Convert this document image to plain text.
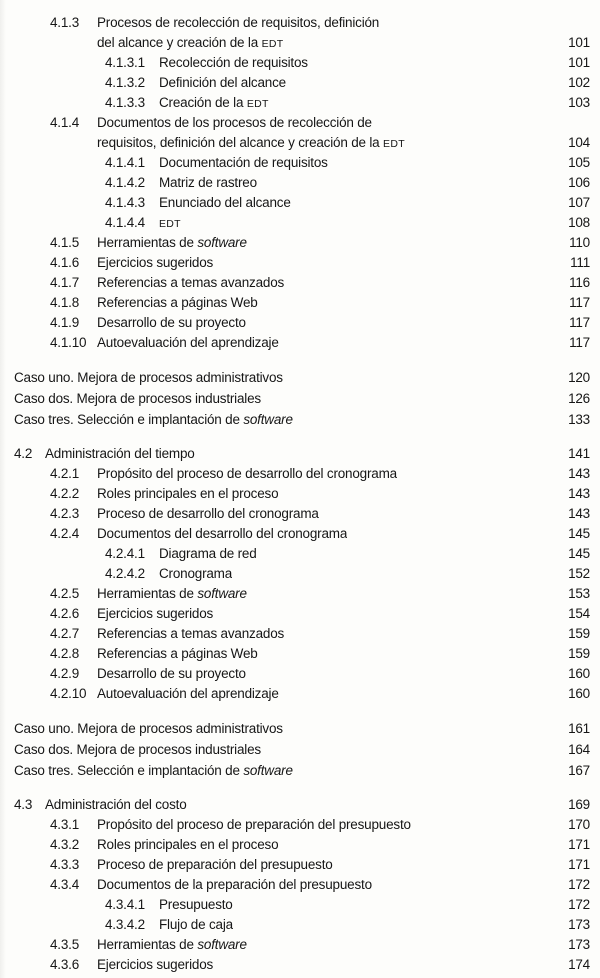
4.1.3	Procesos de recolección de requisitos, definición
del alcance y creación de la EDT	101
4.1.3.1	Recolección de requisitos	101
4.1.3.2	Definición del alcance	102
4.1.3.3	Creación de la EDT	103
4.1.4	Documentos de los procesos de recolección de
requisitos, definición del alcance y creación de la EDT	104
4.1.4.1	Documentación de requisitos	105
4.1.4.2	Matriz de rastreo	106
4.1.4.3	Enunciado del alcance	107
4.1.4.4	EDT	108
4.1.5	Herramientas de software	110
4.1.6	Ejercicios sugeridos	111
4.1.7	Referencias a temas avanzados	116
4.1.8	Referencias a páginas Web	117
4.1.9	Desarrollo de su proyecto	117
4.1.10 Autoevaluación del aprendizaje	117
Caso uno. Mejora de procesos administrativos	120
Caso dos. Mejora de procesos industriales	126
Caso tres. Selección e implantación de software	133
4.2 Administración del tiempo	141
4.2.1	Propósito del proceso de desarrollo del cronograma	143
4.2.2	Roles principales en el proceso	143
4.2.3	Proceso de desarrollo del cronograma	143
4.2.4	Documentos del desarrollo del cronograma	145
4.2.4.1	Diagrama de red	145
4.2.4.2	Cronograma	152
4.2.5	Herramientas de software	153
4.2.6	Ejercicios sugeridos	154
4.2.7	Referencias a temas avanzados	159
4.2.8	Referencias a páginas Web	159
4.2.9	Desarrollo de su proyecto	160
4.2.10 Autoevaluación del aprendizaje	160
Caso uno. Mejora de procesos administrativos	161
Caso dos. Mejora de procesos industriales	164
Caso tres. Selección e implantación de software	167
4.3 Administración del costo	169
4.3.1	Propósito del proceso de preparación del presupuesto	170
4.3.2	Roles principales en el proceso	171
4.3.3	Proceso de preparación del presupuesto	171
4.3.4	Documentos de la preparación del presupuesto	172
4.3.4.1	Presupuesto	172
4.3.4.2	Flujo de caja	173
4.3.5	Herramientas de software	173
4.3.6	Ejercicios sugeridos	174
